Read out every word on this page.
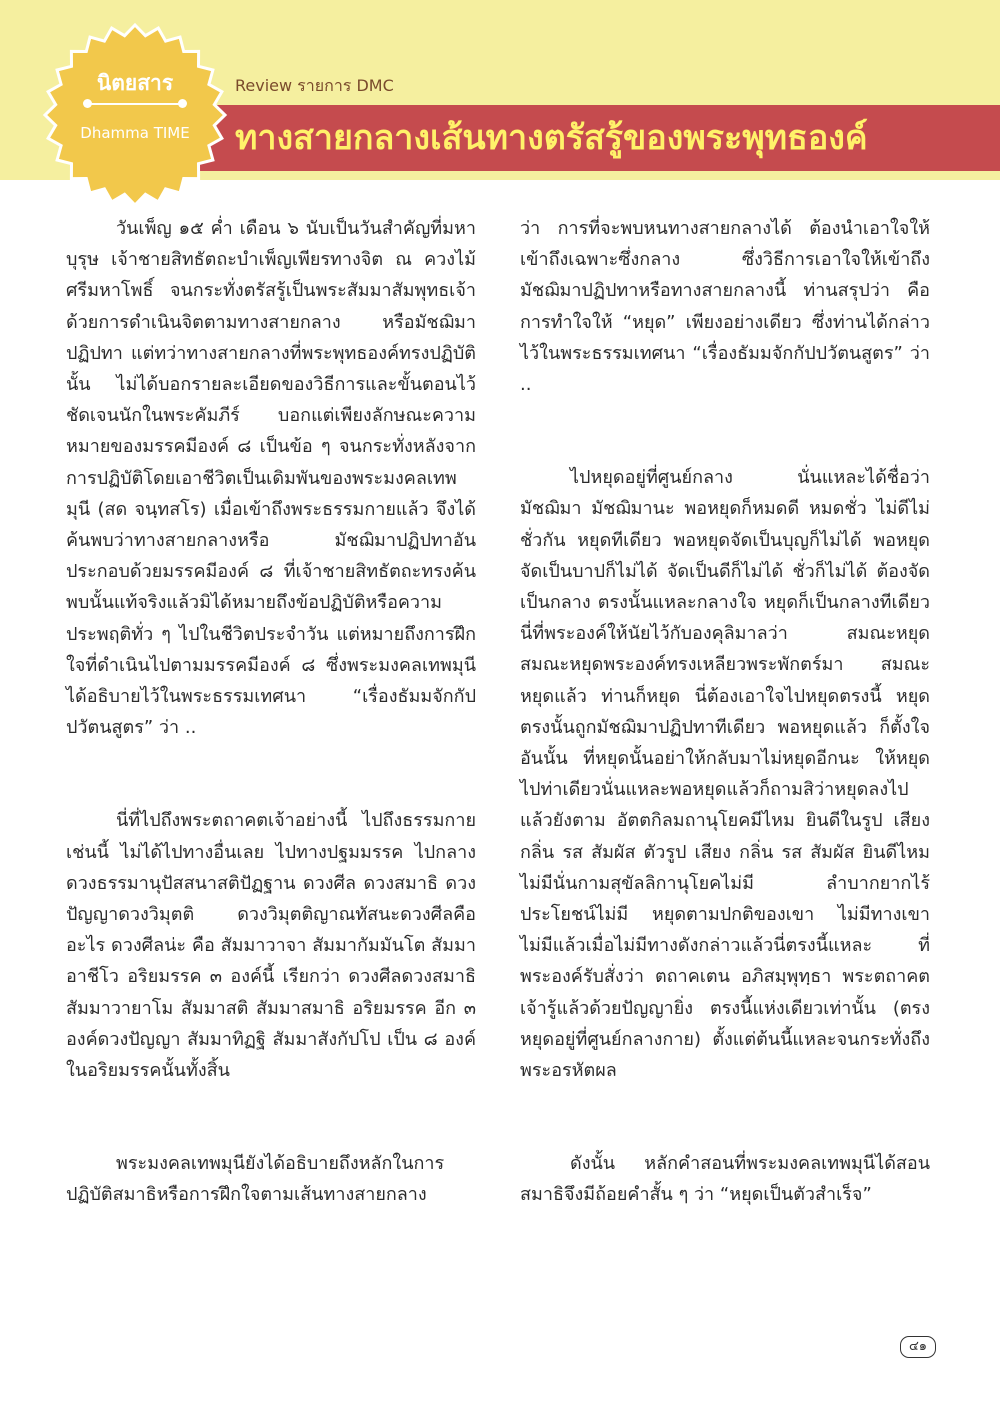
นิตยสาร
Dhamma TIME
Review รายการ DMC
ทางสายกลางเส้นทางตรัสรู้ของพระพุทธองค์

วันเพ็ญ ๑๕ ค่ำ เดือน ๖ นับเป็นวันสำคัญที่มหาบุรุษ เจ้าชายสิทธัตถะบำเพ็ญเพียรทางจิต ณ ควงไม้ศรีมหาโพธิ์ จนกระทั่งตรัสรู้เป็นพระสัมมาสัมพุทธเจ้าด้วยการดำเนินจิตตามทางสายกลาง หรือมัชฌิมาปฏิปทา แต่ทว่าทางสายกลางที่พระพุทธองค์ทรงปฏิบัตินั้น ไม่ได้บอกรายละเอียดของวิธีการและขั้นตอนไว้ชัดเจนนักในพระคัมภีร์ บอกแต่เพียงลักษณะความหมายของมรรคมีองค์ ๘ เป็นข้อ ๆ จนกระทั่งหลังจากการปฏิบัติโดยเอาชีวิตเป็นเดิมพันของพระมงคลเทพมุนี (สด จนฺทสโร) เมื่อเข้าถึงพระธรรมกายแล้ว จึงได้ค้นพบว่าทางสายกลางหรือ มัชฌิมาปฏิปทาอันประกอบด้วยมรรคมีองค์ ๘ ที่เจ้าชายสิทธัตถะทรงค้นพบนั้นแท้จริงแล้วมิได้หมายถึงข้อปฏิบัติหรือความประพฤติทั่ว ๆ ไปในชีวิตประจำวัน แต่หมายถึงการฝึกใจที่ดำเนินไปตามมรรคมีองค์ ๘ ซึ่งพระมงคลเทพมุนีได้อธิบายไว้ในพระธรรมเทศนา “เรื่องธัมมจักกัปปวัตนสูตร” ว่า ..

นี่ที่ไปถึงพระตถาคตเจ้าอย่างนี้ ไปถึงธรรมกายเช่นนี้ ไม่ได้ไปทางอื่นเลย ไปทางปฐมมรรค ไปกลางดวงธรรมานุปัสสนาสติปัฏฐาน ดวงศีล ดวงสมาธิ ดวงปัญญาดวงวิมุตติ ดวงวิมุตติญาณทัสนะดวงศีลคืออะไร ดวงศีลน่ะ คือ สัมมาวาจา สัมมากัมมันโต สัมมาอาชีโว อริยมรรค ๓ องค์นี้ เรียกว่า ดวงศีลดวงสมาธิ สัมมาวายาโม สัมมาสติ สัมมาสมาธิ อริยมรรค อีก ๓ องค์ดวงปัญญา สัมมาทิฏฐิ สัมมาสังกัปโป เป็น ๘ องค์ ในอริยมรรคนั้นทั้งสิ้น

พระมงคลเทพมุนียังได้อธิบายถึงหลักในการปฏิบัติสมาธิหรือการฝึกใจตามเส้นทางสายกลาง

ว่า การที่จะพบหนทางสายกลางได้ ต้องนำเอาใจให้เข้าถึงเฉพาะซึ่งกลาง ซึ่งวิธีการเอาใจให้เข้าถึงมัชฌิมาปฏิปทาหรือทางสายกลางนี้ ท่านสรุปว่า คือ การทำใจให้ “หยุด” เพียงอย่างเดียว ซึ่งท่านได้กล่าวไว้ในพระธรรมเทศนา “เรื่องธัมมจักกัปปวัตนสูตร” ว่า ..

ไปหยุดอยู่ที่ศูนย์กลาง นั่นแหละได้ชื่อว่ามัชฌิมา มัชฌิมานะ พอหยุดก็หมดดี หมดชั่ว ไม่ดีไม่ชั่วกัน หยุดทีเดียว พอหยุดจัดเป็นบุญก็ไม่ได้ พอหยุดจัดเป็นบาปก็ไม่ได้ จัดเป็นดีก็ไม่ได้ ชั่วก็ไม่ได้ ต้องจัดเป็นกลาง ตรงนั้นแหละกลางใจ หยุดก็เป็นกลางทีเดียว นี่ที่พระองค์ให้นัยไว้กับองคุลิมาลว่า สมณะหยุด สมณะหยุดพระองค์ทรงเหลียวพระพักตร์มา สมณะหยุดแล้ว ท่านก็หยุด นี่ต้องเอาใจไปหยุดตรงนี้ หยุดตรงนั้นถูกมัชฌิมาปฏิปทาทีเดียว พอหยุดแล้ว ก็ตั้งใจอันนั้น ที่หยุดนั้นอย่าให้กลับมาไม่หยุดอีกนะ ให้หยุดไปท่าเดียวนั่นแหละพอหยุดแล้วก็ถามสิว่าหยุดลงไปแล้วยังตาม อัตตกิลมถานุโยคมีไหม ยินดีในรูป เสียง กลิ่น รส สัมผัส ตัวรูป เสียง กลิ่น รส สัมผัส ยินดีไหม ไม่มีนั่นกามสุขัลลิกานุโยคไม่มี ลำบากยากไร้ประโยชน์ไม่มี หยุดตามปกติของเขา ไม่มีทางเขา ไม่มีแล้วเมื่อไม่มีทางดังกล่าวแล้วนี่ตรงนี้แหละ ที่พระองค์รับสั่งว่า ตถาคเตน อภิสมฺพุทฺธา พระตถาคตเจ้ารู้แล้วด้วยปัญญายิ่ง ตรงนี้แห่งเดียวเท่านั้น (ตรงหยุดอยู่ที่ศูนย์กลางกาย) ตั้งแต่ต้นนี้แหละจนกระทั่งถึงพระอรหัตผล

ดังนั้น หลักคำสอนที่พระมงคลเทพมุนีได้สอนสมาธิจึงมีถ้อยคำสั้น ๆ ว่า “หยุดเป็นตัวสำเร็จ”

๔๑
